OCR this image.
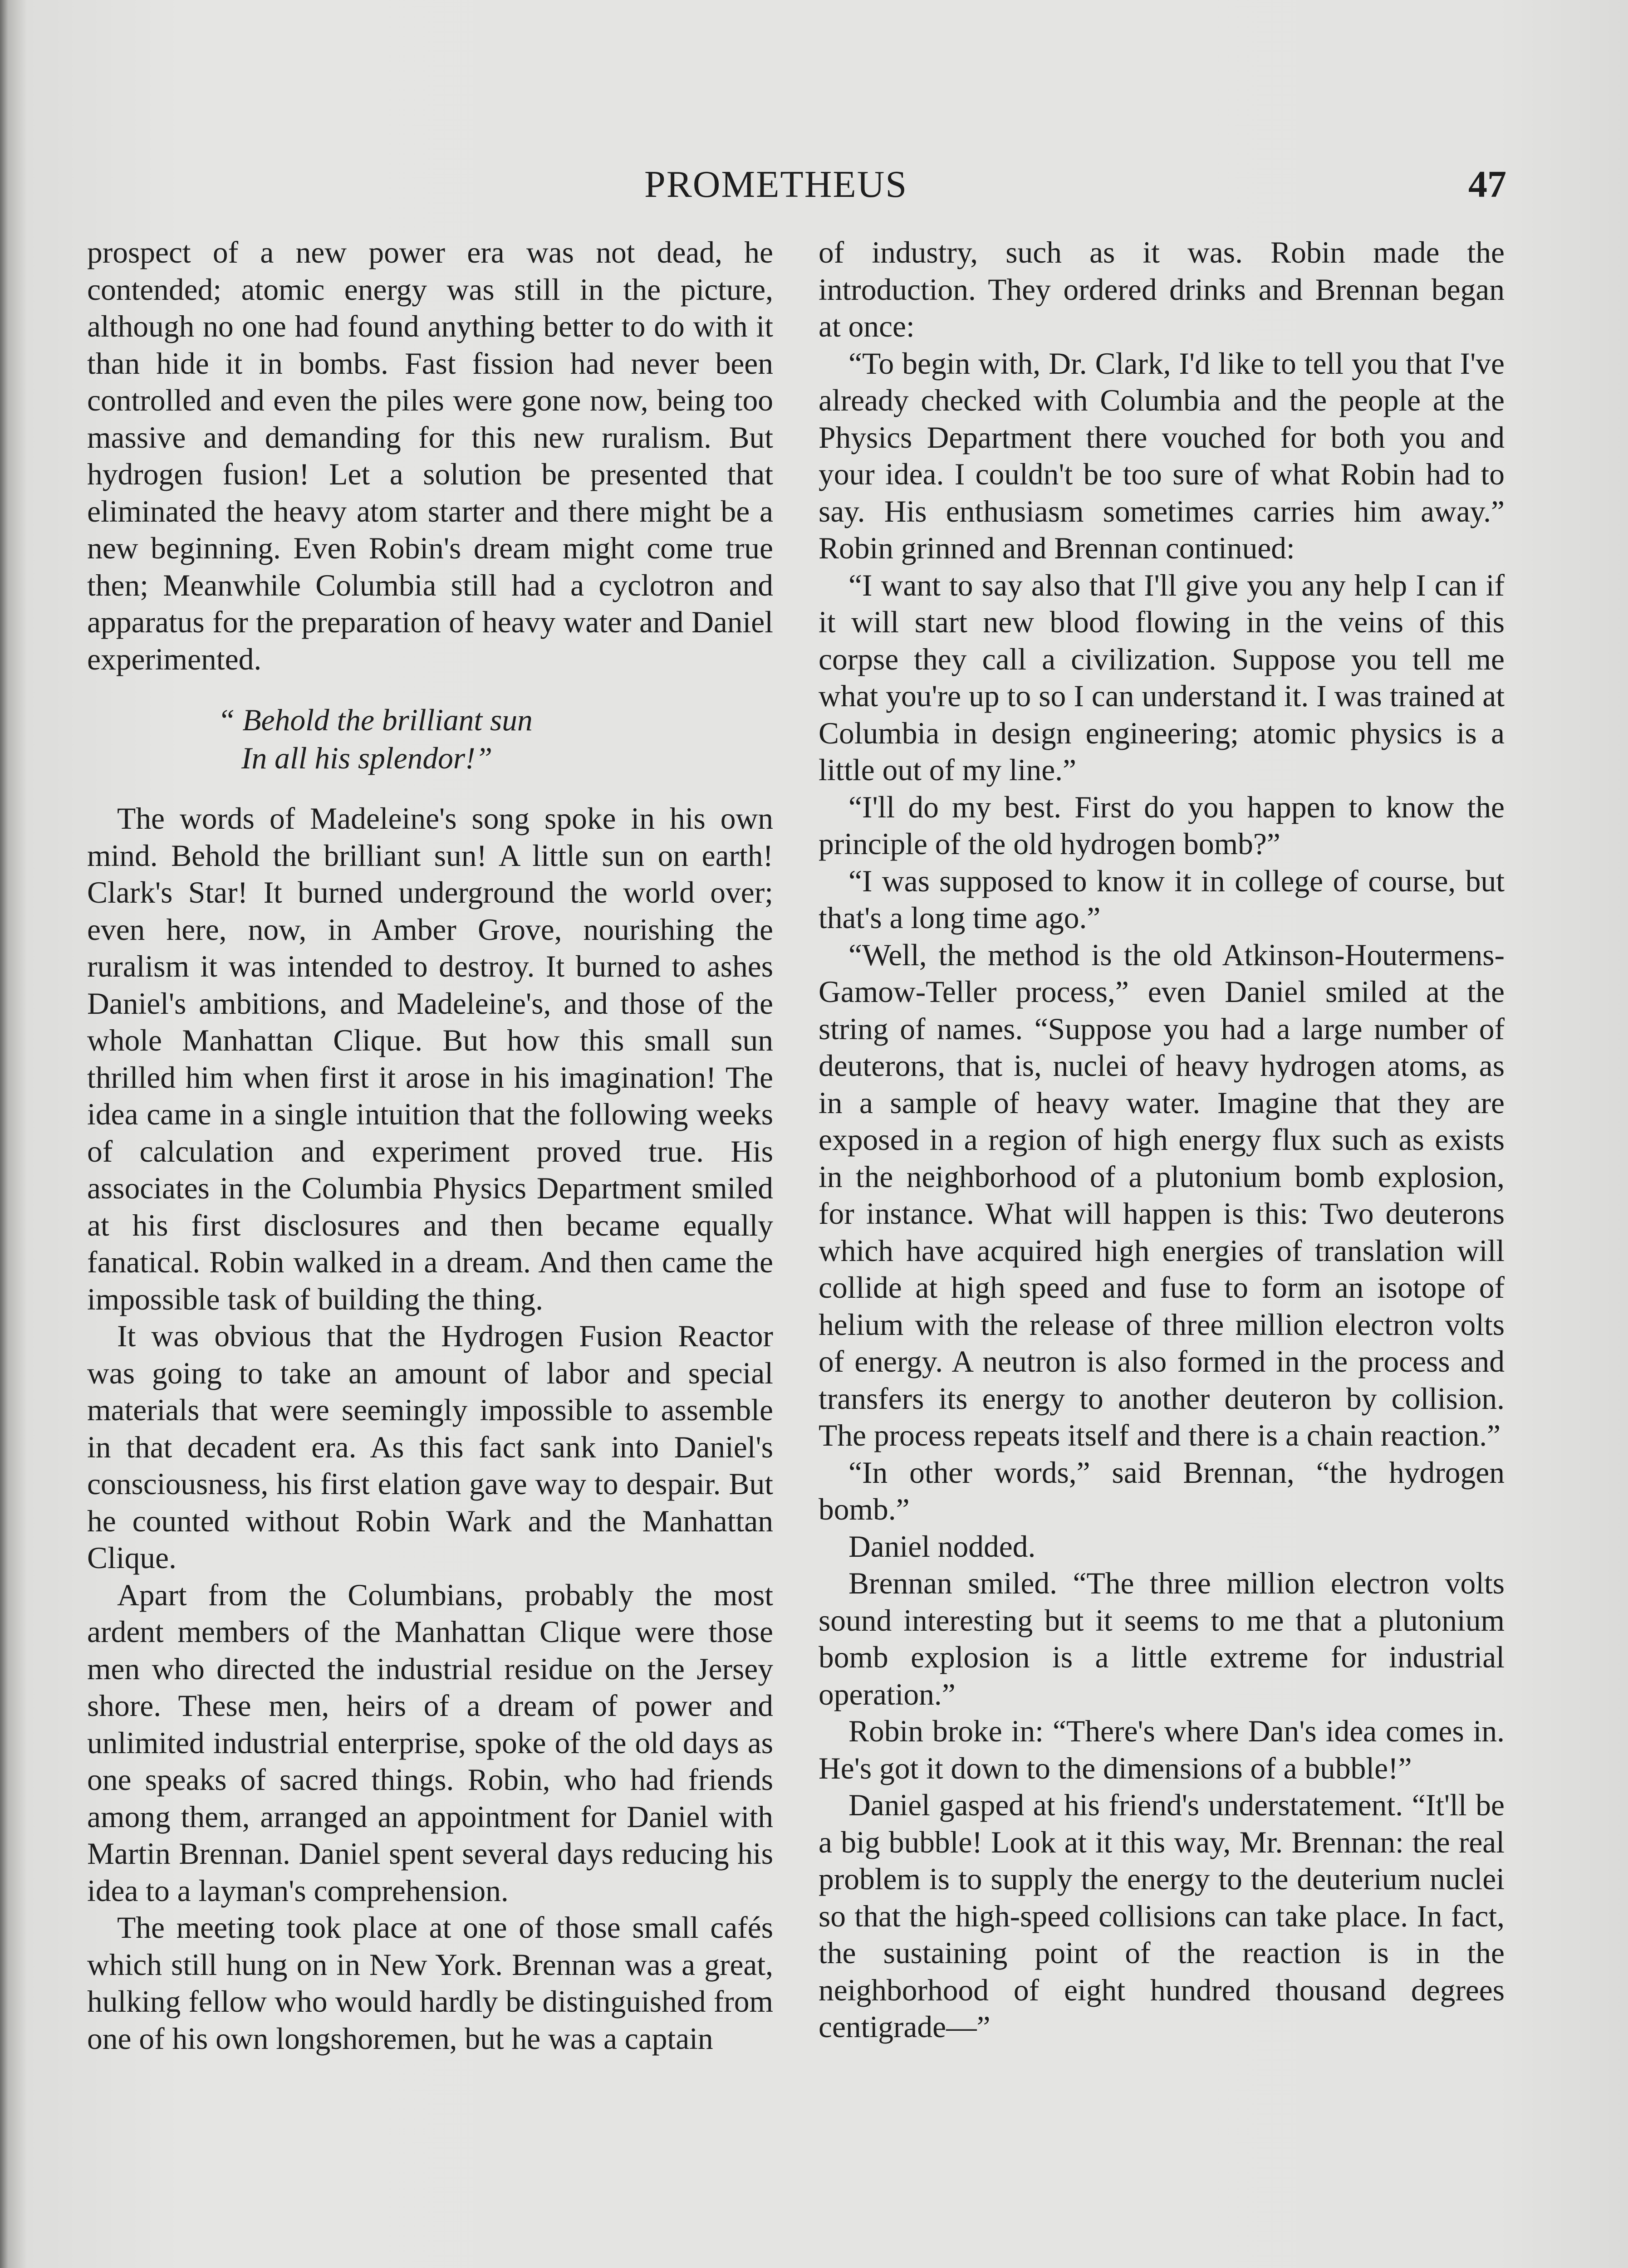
PROMETHEUS	47

prospect of a new power era was not dead, he contended; atomic energy was still in the picture, although no one had found anything better to do with it than hide it in bombs. Fast fission had never been controlled and even the piles were gone now, being too massive and demanding for this new ruralism. But hydrogen fusion! Let a solution be presented that eliminated the heavy atom starter and there might be a new beginning. Even Robin's dream might come true then; Meanwhile Columbia still had a cyclotron and apparatus for the preparation of heavy water and Daniel experimented.

“ Behold the brilliant sun
In all his splendor!”

The words of Madeleine's song spoke in his own mind. Behold the brilliant sun! A little sun on earth! Clark's Star! It burned underground the world over; even here, now, in Amber Grove, nourishing the ruralism it was intended to destroy. It burned to ashes Daniel's ambitions, and Madeleine's, and those of the whole Manhattan Clique. But how this small sun thrilled him when first it arose in his imagination! The idea came in a single intuition that the following weeks of calculation and experiment proved true. His associates in the Columbia Physics Department smiled at his first disclosures and then became equally fanatical. Robin walked in a dream. And then came the impossible task of building the thing.

It was obvious that the Hydrogen Fusion Reactor was going to take an amount of labor and special materials that were seemingly impossible to assemble in that decadent era. As this fact sank into Daniel's consciousness, his first elation gave way to despair. But he counted without Robin Wark and the Manhattan Clique.

Apart from the Columbians, probably the most ardent members of the Manhattan Clique were those men who directed the industrial residue on the Jersey shore. These men, heirs of a dream of power and unlimited industrial enterprise, spoke of the old days as one speaks of sacred things. Robin, who had friends among them, arranged an appointment for Daniel with Martin Brennan. Daniel spent several days reducing his idea to a layman's comprehension.

The meeting took place at one of those small cafés which still hung on in New York. Brennan was a great, hulking fellow who would hardly be distinguished from one of his own longshoremen, but he was a captain

of industry, such as it was. Robin made the introduction. They ordered drinks and Brennan began at once:

“To begin with, Dr. Clark, I'd like to tell you that I've already checked with Columbia and the people at the Physics Department there vouched for both you and your idea. I couldn't be too sure of what Robin had to say. His enthusiasm sometimes carries him away.” Robin grinned and Brennan continued:

“I want to say also that I'll give you any help I can if it will start new blood flowing in the veins of this corpse they call a civilization. Suppose you tell me what you're up to so I can understand it. I was trained at Columbia in design engineering; atomic physics is a little out of my line.”

“I'll do my best. First do you happen to know the principle of the old hydrogen bomb?”

“I was supposed to know it in college of course, but that's a long time ago.”

“Well, the method is the old Atkinson-Houtermens-Gamow-Teller process,” even Daniel smiled at the string of names. “Suppose you had a large number of deuterons, that is, nuclei of heavy hydrogen atoms, as in a sample of heavy water. Imagine that they are exposed in a region of high energy flux such as exists in the neighborhood of a plutonium bomb explosion, for instance. What will happen is this: Two deuterons which have acquired high energies of translation will collide at high speed and fuse to form an isotope of helium with the release of three million electron volts of energy. A neutron is also formed in the process and transfers its energy to another deuteron by collision. The process repeats itself and there is a chain reaction.”

“In other words,” said Brennan, “the hydrogen bomb.”

Daniel nodded.

Brennan smiled. “The three million electron volts sound interesting but it seems to me that a plutonium bomb explosion is a little extreme for industrial operation.”

Robin broke in: “There's where Dan's idea comes in. He's got it down to the dimensions of a bubble!”

Daniel gasped at his friend's understatement. “It'll be a big bubble! Look at it this way, Mr. Brennan: the real problem is to supply the energy to the deuterium nuclei so that the high-speed collisions can take place. In fact, the sustaining point of the reaction is in the neighborhood of eight hundred thousand degrees centigrade—”
